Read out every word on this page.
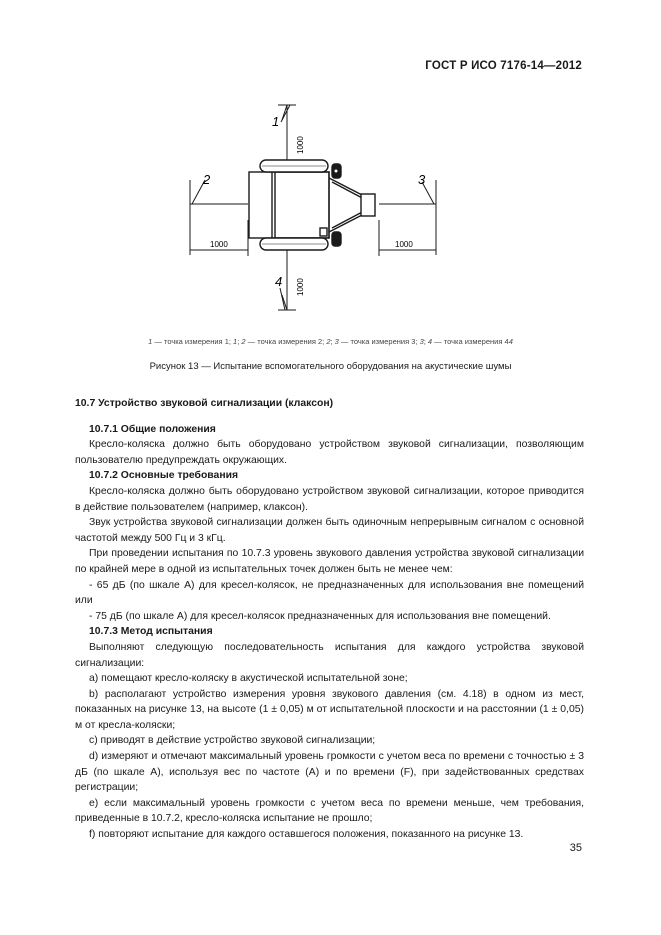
ГОСТ Р ИСО 7176-14—2012
1
2	3
4
1000
1000	1000
1000
1 — точка измерения 1; 1; 2 — точка измерения 2; 2; 3 — точка измерения 3; 3; 4 — точка измерения 44
Рисунок 13 — Испытание вспомогательного оборудования на акустические шумы

10.7 Устройство звуковой сигнализации (клаксон)

10.7.1 Общие положения

Кресло-коляска должно быть оборудовано устройством звуковой сигнализации, позволяющим пользователю предупреждать окружающих.

10.7.2 Основные требования

Кресло-коляска должно быть оборудовано устройством звуковой сигнализации, которое приводится в действие пользователем (например, клаксон).

Звук устройства звуковой сигнализации должен быть одиночным непрерывным сигналом с основной частотой между 500 Гц и 3 кГц.

При проведении испытания по 10.7.3 уровень звукового давления устройства звуковой сигнализации по крайней мере в одной из испытательных точек должен быть не менее чем:

- 65 дБ (по шкале A) для кресел-колясок, не предназначенных для использования вне помещений или

- 75 дБ (по шкале A) для кресел-колясок предназначенных для использования вне помещений.

10.7.3 Метод испытания

Выполняют следующую последовательность испытания для каждого устройства звуковой сигнализации:

a) помещают кресло-коляску в акустической испытательной зоне;

b) располагают устройство измерения уровня звукового давления (см. 4.18) в одном из мест, показанных на рисунке 13, на высоте (1 ± 0,05) м от испытательной плоскости и на расстоянии (1 ± 0,05) м от кресла-коляски;

c) приводят в действие устройство звуковой сигнализации;

d) измеряют и отмечают максимальный уровень громкости с учетом веса по времени с точностью ± 3 дБ (по шкале A), используя вес по частоте (A) и по времени (F), при задействованных средствах регистрации;

e) если максимальный уровень громкости с учетом веса по времени меньше, чем требования, приведенные в 10.7.2, кресло-коляска испытание не прошло;

f) повторяют испытание для каждого оставшегося положения, показанного на рисунке 13.

35
